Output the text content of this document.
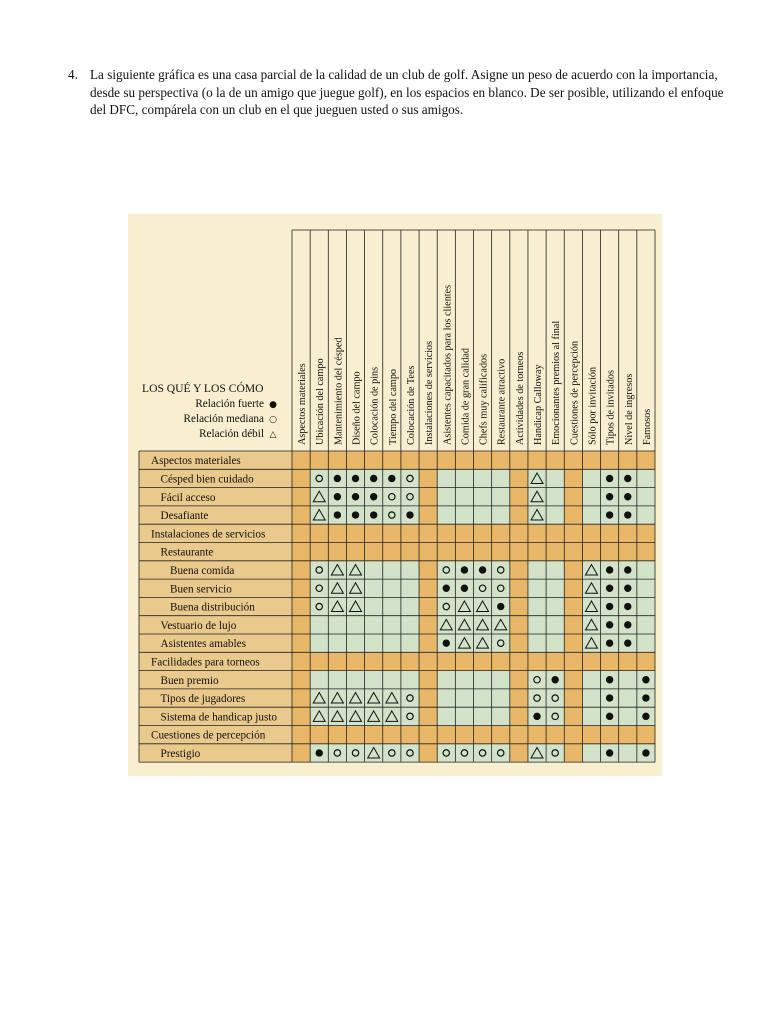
4. La siguiente gráfica es una casa parcial de la calidad de un club de golf. Asigne un peso de acuerdo con la importancia, desde su perspectiva (o la de un amigo que juegue golf), en los espacios en blanco. De ser posible, utilizando el enfoque del DFC, compárela con un club en el que jueguen usted o sus amigos.
Aspectos materiales Ubicación del campo Mantenimiento del césped Diseño del campo Colocación de pins Tiempo del campo Colocación de Tees Instalaciones de servicios Asistentes capacitados para los clientes Comida de gran calidad Chefs muy calificados Restaurante atractivo Actividades de torneos Handicap Calloway Emocionantes premios al final Cuestiones de percepción Sólo por invitación Tipos de invitados Nivel de ingresos Famosos
Aspectos materiales
Césped bien cuidado
Fácil acceso
Desafiante
Instalaciones de servicios
Restaurante
Buena comida
Buen servicio
Buena distribución
Vestuario de lujo
Asistentes amables
Facilidades para torneos
Buen premio
Tipos de jugadores
Sistema de handicap justo
Cuestiones de percepción
Prestigio
LOS QUÉ Y LOS CÓMO
Relación fuerte ●
Relación mediana ○
Relación débil △
